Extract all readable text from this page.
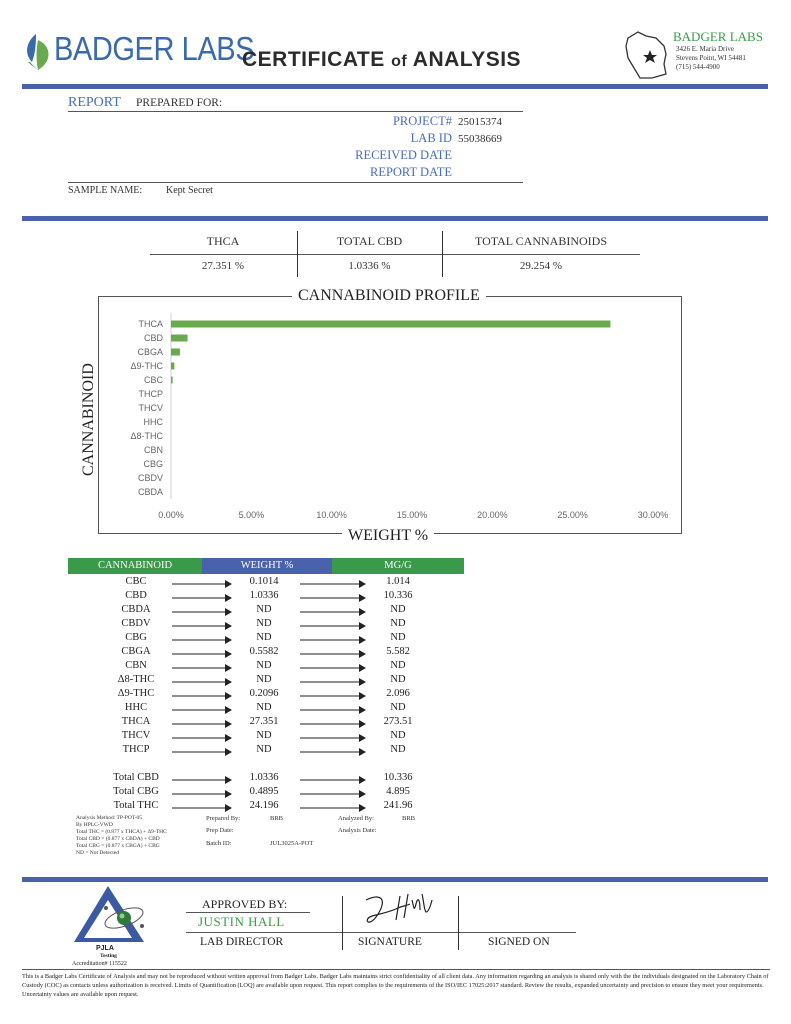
BADGER LABS
CERTIFICATE of ANALYSIS
BADGER LABS
3426 E. Maria Drive
Stevens Point, WI 54481
(715) 544-4900
REPORT PREPARED FOR:
PROJECT# 25015374
LAB ID 55038669
RECEIVED DATE
REPORT DATE
SAMPLE NAME: Kept Secret
THCA	TOTAL CBD	TOTAL CANNABINOIDS
27.351 %	1.0336 %	29.254 %
CANNABINOID PROFILE
WEIGHT %
CANNABINOID
THCA
CBD
CBGA
Δ9-THC
CBC
THCP
THCV
HHC
Δ8-THC
CBN
CBG
CBDV
CBDA
0.00%	5.00%	10.00%	15.00%	20.00%	25.00%	30.00%
CANNABINOID	WEIGHT %	MG/G
CBC	0.1014	1.014
CBD	1.0336	10.336
CBDA	ND	ND
CBDV	ND	ND
CBG	ND	ND
CBGA	0.5582	5.582
CBN	ND	ND
Δ8-THC	ND	ND
Δ9-THC	0.2096	2.096
HHC	ND	ND
THCA	27.351	273.51
THCV	ND	ND
THCP	ND	ND
Total CBD	1.0336	10.336
Total CBG	0.4895	4.895
Total THC	24.196	241.96
Analysis Method: TP-POT-05
By HPLC-VWD
Total THC = (0.877 x THCA) + Δ9-THC
Total CBD = (0.877 x CBDA) + CBD
Total CBG = (0.877 x CBGA) + CBG
ND = Not Detected
Prepared By:	BRB
Prep Date:
Batch ID:	JUL3025A-POT
Analyzed By:	BRB
Analysis Date:
PJLA
Testing
Accreditation# 115522
APPROVED BY:
JUSTIN HALL
LAB DIRECTOR	SIGNATURE	SIGNED ON
This is a Badger Labs Certificate of Analysis and may not be reproduced without written approval from Badger Labs. Badger Labs maintains strict confidentiality of all client data. Any information regarding an analysis is shared only with the the individuals designated on the Laboratory Chain of Custody (COC) as contacts unless authorization is received. Limits of Quantification (LOQ) are available upon request. This report complies to the requirements of the ISO/IEC 17025:2017 standard. Review the results, expanded uncertainty and precision to ensure they meet your requirements. Uncertainty values are available upon request.
